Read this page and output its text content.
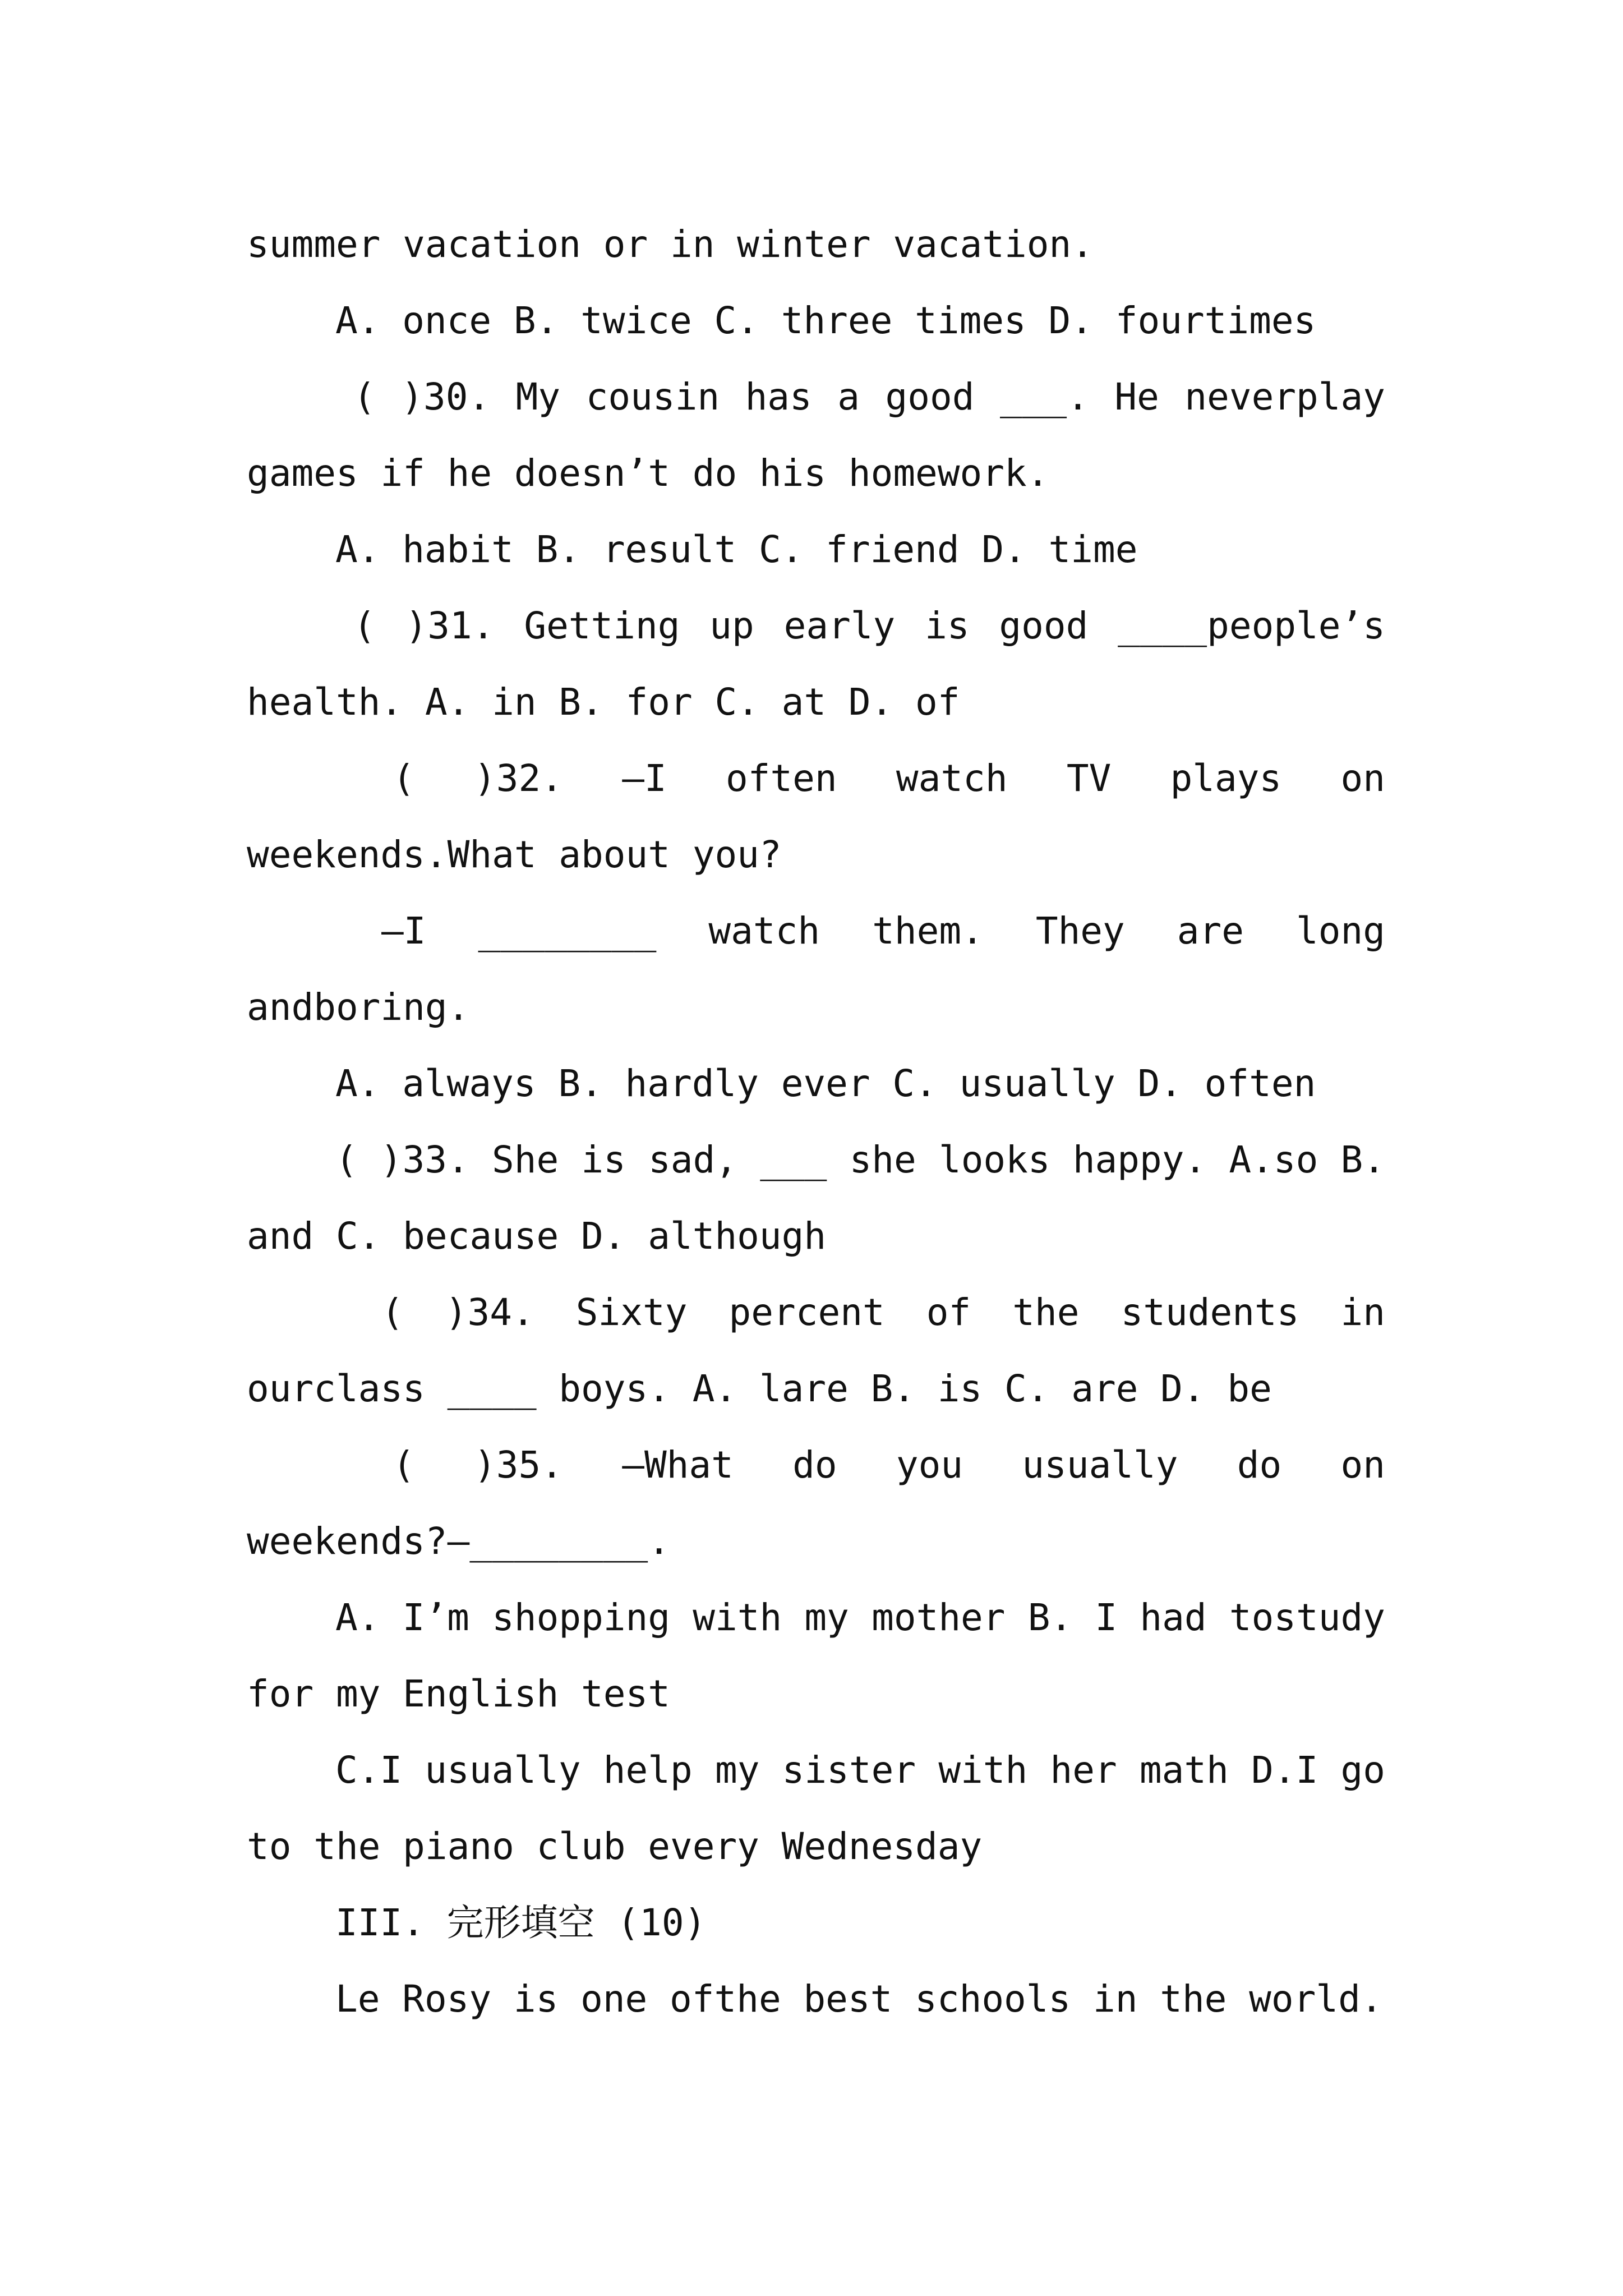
summer vacation or in winter vacation.
A. once B. twice C. three times D. fourtimes
( )30. My cousin has a good ___. He neverplay
games if he doesn’t do his homework.
A. habit B. result C. friend D. time
( )31. Getting up early is good ____people’s
health. A. in B. for C. at D. of
( )32. —I often watch TV plays on
weekends.What about you?
—I ________ watch them. They are long
andboring.
A. always B. hardly ever C. usually D. often
( )33. She is sad, ___ she looks happy. A.so B.
and C. because D. although
( )34. Sixty percent of the students in
ourclass ____ boys. A. lare B. is C. are D. be
( )35. —What do you usually do on
weekends?—________.
A. I’m shopping with my mother B. I had tostudy
for my English test
C.I usually help my sister with her math D.I go
to the piano club every Wednesday
III. 完形填空 (10)
Le Rosy is one ofthe best schools in the world.
